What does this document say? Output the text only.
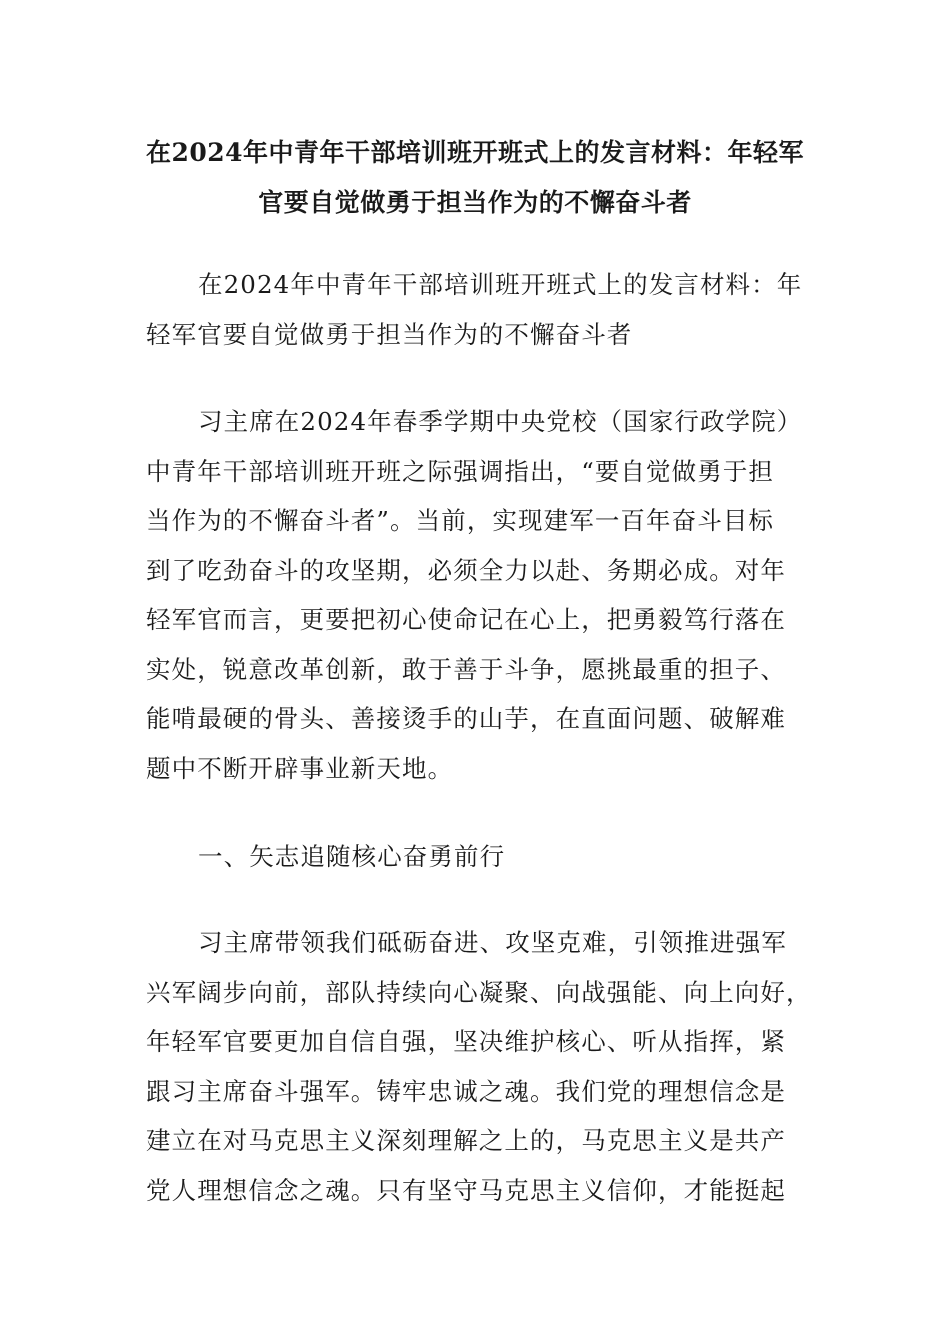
在2024年中青年干部培训班开班式上的发言材料：年轻军
官要自觉做勇于担当作为的不懈奋斗者

在2024年中青年干部培训班开班式上的发言材料：年
轻军官要自觉做勇于担当作为的不懈奋斗者

习主席在2024年春季学期中央党校（国家行政学院）
中青年干部培训班开班之际强调指出，“要自觉做勇于担
当作为的不懈奋斗者”。当前，实现建军一百年奋斗目标
到了吃劲奋斗的攻坚期，必须全力以赴、务期必成。对年
轻军官而言，更要把初心使命记在心上，把勇毅笃行落在
实处，锐意改革创新，敢于善于斗争，愿挑最重的担子、
能啃最硬的骨头、善接烫手的山芋，在直面问题、破解难
题中不断开辟事业新天地。

一、矢志追随核心奋勇前行

习主席带领我们砥砺奋进、攻坚克难，引领推进强军
兴军阔步向前，部队持续向心凝聚、向战强能、向上向好，
年轻军官要更加自信自强，坚决维护核心、听从指挥，紧
跟习主席奋斗强军。铸牢忠诚之魂。我们党的理想信念是
建立在对马克思主义深刻理解之上的，马克思主义是共产
党人理想信念之魂。只有坚守马克思主义信仰，才能挺起
